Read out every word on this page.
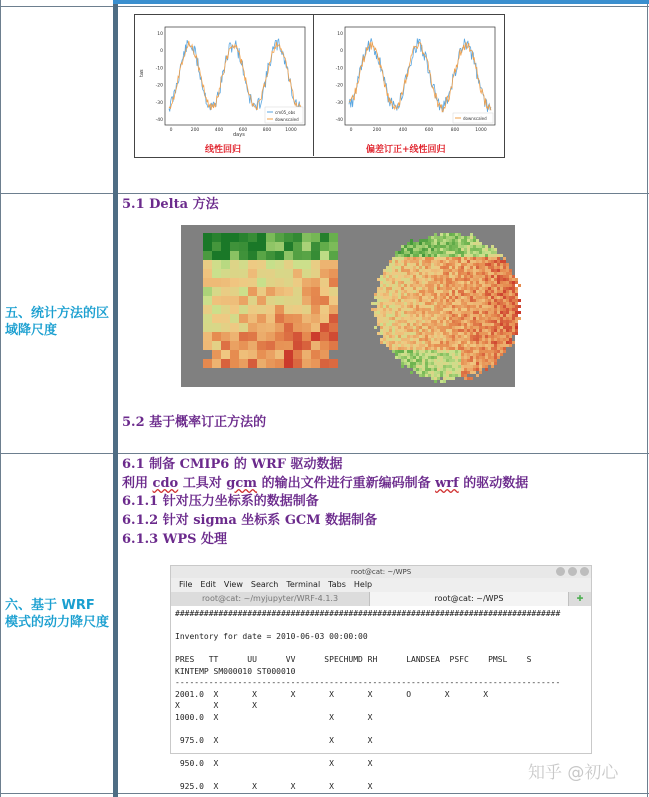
10
0
-10
-20
-30
-40
0	200	400	600	800	1000
10
0
-10
-20
-30
-40
0	200	400	600	800	1000
tas
days
cm05_obs
downscaled	downscaled
线性回归	偏差订正+线性回归
五、统计方法的区域降尺度
5.1 Delta 方法
5.2 基于概率订正方法的
六、基于 WRF 模式的动力降尺度
6.1 制备 CMIP6 的 WRF 驱动数据
利用 cdo 工具对 gcm 的输出文件进行重新编码制备 wrf 的驱动数据
6.1.1 针对压力坐标系的数据制备
6.1.2 针对 sigma 坐标系 GCM 数据制备
6.1.3 WPS 处理
root@cat: ~/WPS
File Edit View Search Terminal Tabs Help
root@cat: ~/myjupyter/WRF-4.1.3	root@cat: ~/WPS	✚
################################################################################

Inventory for date = 2010-06-03 00:00:00

PRES   TT      UU      VV      SPECHUMD RH      LANDSEA  PSFC    PMSL    S
KINTEMP SM000010 ST000010
--------------------------------------------------------------------------------
2001.0  X       X       X       X       X       O       X       X
X       X       X
1000.0  X                       X       X

975.0  X                       X       X

950.0  X                       X       X

925.0  X       X       X       X       X
知乎 @初心
